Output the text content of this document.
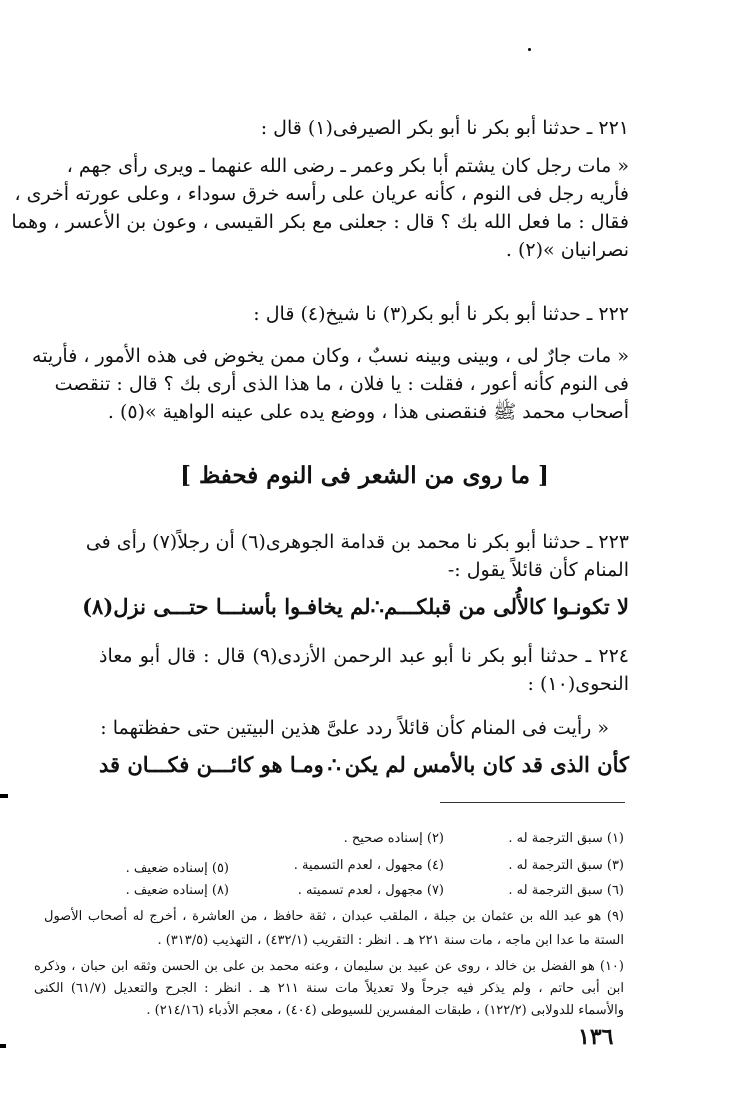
٢٢١ ـ حدثنا أبو بكر نا أبو بكر الصيرفى(١) قال :
« مات رجل كان يشتم أبا بكر وعمر ـ رضى الله عنهما ـ ويرى رأى جهم ،
فأريه رجل فى النوم ، كأنه عريان على رأسه خرق سوداء ، وعلى عورته أخرى ،
فقال : ما فعل الله بك ؟ قال : جعلنى مع بكر القيسى ، وعون بن الأعسر ، وهما
نصرانيان »(٢) .
٢٢٢ ـ حدثنا أبو بكر نا أبو بكر(٣) نا شيخ(٤) قال :
« مات جارٌ لى ، وبينى وبينه نسبٌ ، وكان ممن يخوض فى هذه الأمور ، فأريته
فى النوم كأنه أعور ، فقلت : يا فلان ، ما هذا الذى أرى بك ؟ قال : تنقصت
أصحاب محمد ﷺ فنقصنى هذا ، ووضع يده على عينه الواهية »(٥) .
[ ما روى من الشعر فى النوم فحفظ ]
٢٢٣ ـ حدثنا أبو بكر نا محمد بن قدامة الجوهرى(٦) أن رجلاً(٧) رأى فى
المنام كأن قائلاً يقول :-
لا تكونـوا كالأُلى من قبلكـــم
∴
لم يخافـوا بأسنـــا حتـــى نزل(٨)
٢٢٤ ـ حدثنا أبو بكر نا أبو عبد الرحمن الأزدى(٩) قال : قال أبو معاذ
النحوى(١٠) :
« رأيت فى المنام كأن قائلاً ردد علىَّ هذين البيتين حتى حفظتهما :
كأن الذى قد كان بالأمس لم يكن
∴
ومـا هو كائـــن فكـــان قد
(١) سبق الترجمة له .
(٢) إسناده صحيح .
(٣) سبق الترجمة له .
(٤) مجهول ، لعدم التسمية .
(٥) إسناده ضعيف .
(٦) سبق الترجمة له .
(٧) مجهول ، لعدم تسميته .
(٨) إسناده ضعيف .
(٩) هو عبد الله بن عثمان بن جبلة ، الملقب عبدان ، ثقة حافظ ، من العاشرة ، أخرج له أصحاب الأصول
الستة ما عدا ابن ماجه ، مات سنة ٢٢١ هـ . انظر : التقريب (٤٣٢/١) ، التهذيب (٣١٣/٥) .
(١٠) هو الفضل بن خالد ، روى عن عبيد بن سليمان ، وعنه محمد بن على بن الحسن وثقه ابن حبان ، وذكره
ابن أبى حاتم ، ولم يذكر فيه جرحاً ولا تعديلاً مات سنة ٢١١ هـ . انظر : الجرح والتعديل (٦١/٧) الكنى
والأسماء للدولابى (١٢٢/٢) ، طبقات المفسرين للسيوطى (٤٠٤) ، معجم الأدباء (٢١٤/١٦) .
١٣٦
